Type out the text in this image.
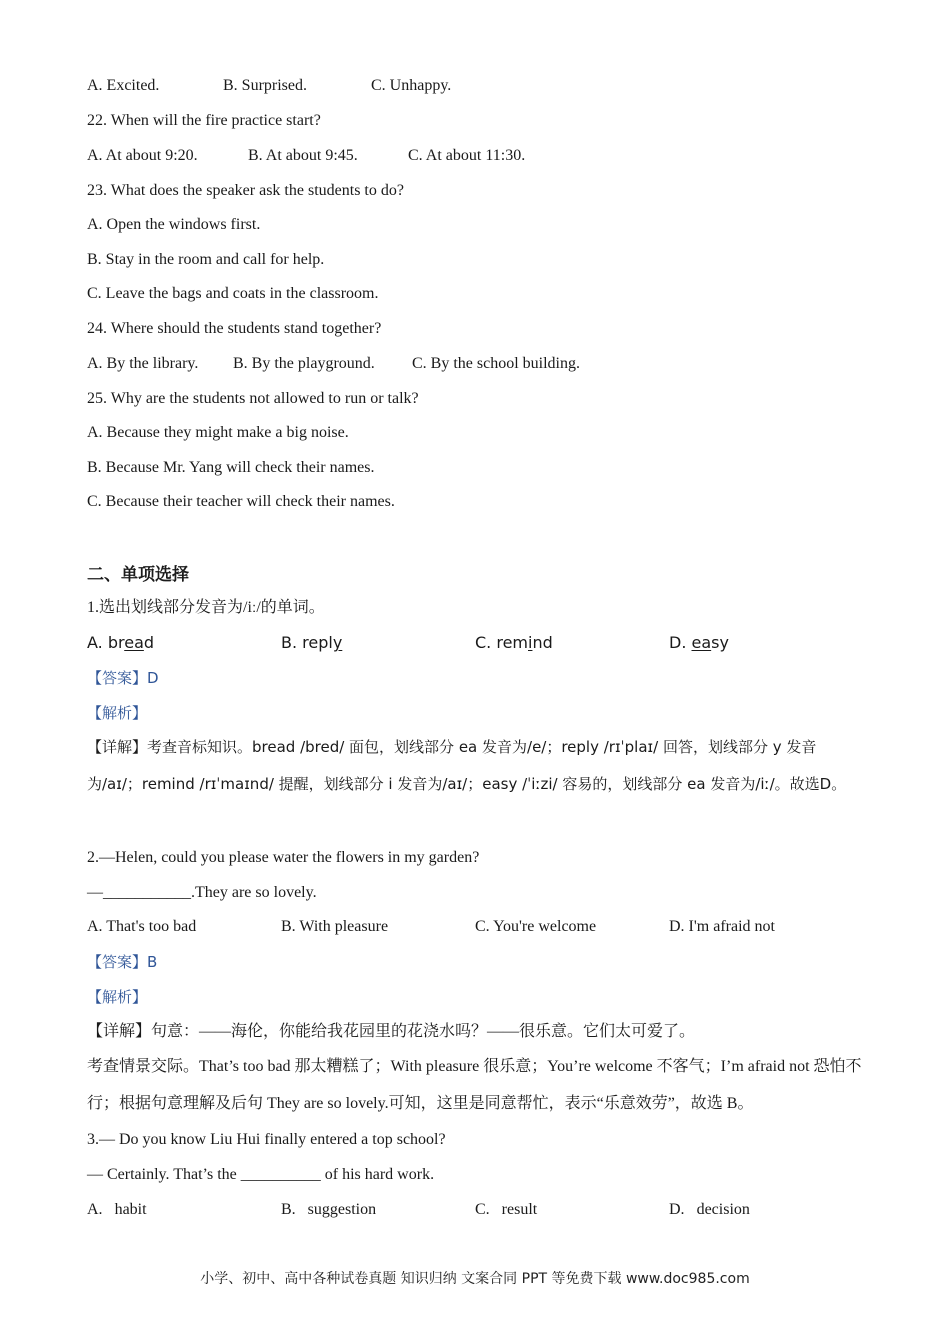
A. Excited.	B. Surprised.	C. Unhappy.
22. When will the fire practice start?
A. At about 9:20.	B. At about 9:45.	C. At about 11:30.
23. What does the speaker ask the students to do?
A. Open the windows first.
B. Stay in the room and call for help.
C. Leave the bags and coats in the classroom.
24. Where should the students stand together?
A. By the library. B. By the playground. C. By the school building.
25. Why are the students not allowed to run or talk?
A. Because they might make a big noise.
B. Because Mr. Yang will check their names.
C. Because their teacher will check their names.
二、单项选择
1.选出划线部分发音为/iː/的单词。
A. bread	B. reply	C. remind	D. easy
【答案】D
【解析】
【详解】考查音标知识。bread /bred/ 面包，划线部分 ea 发音为/e/；reply /rɪˈplaɪ/ 回答，划线部分 y 发音为/aɪ/；remind /rɪˈmaɪnd/ 提醒，划线部分 i 发音为/aɪ/；easy /ˈiːzi/ 容易的，划线部分 ea 发音为/iː/。故选D。
2.—Helen, could you please water the flowers in my garden?
—___________.They are so lovely.
A. That's too bad	B. With pleasure	C. You're welcome	D. I'm afraid not
【答案】B
【解析】
【详解】句意：——海伦，你能给我花园里的花浇水吗？——很乐意。它们太可爱了。
考查情景交际。That’s too bad 那太糟糕了；With pleasure 很乐意；You’re welcome 不客气；I’m afraid not 恐怕不行；根据句意理解及后句 They are so lovely.可知，这里是同意帮忙，表示“乐意效劳”，故选 B。
3.— Do you know Liu Hui finally entered a top school?
— Certainly. That’s the __________ of his hard work.
A. habit	B. suggestion	C. result	D. decision
小学、初中、高中各种试卷真题 知识归纳 文案合同 PPT 等免费下载 www.doc985.com
